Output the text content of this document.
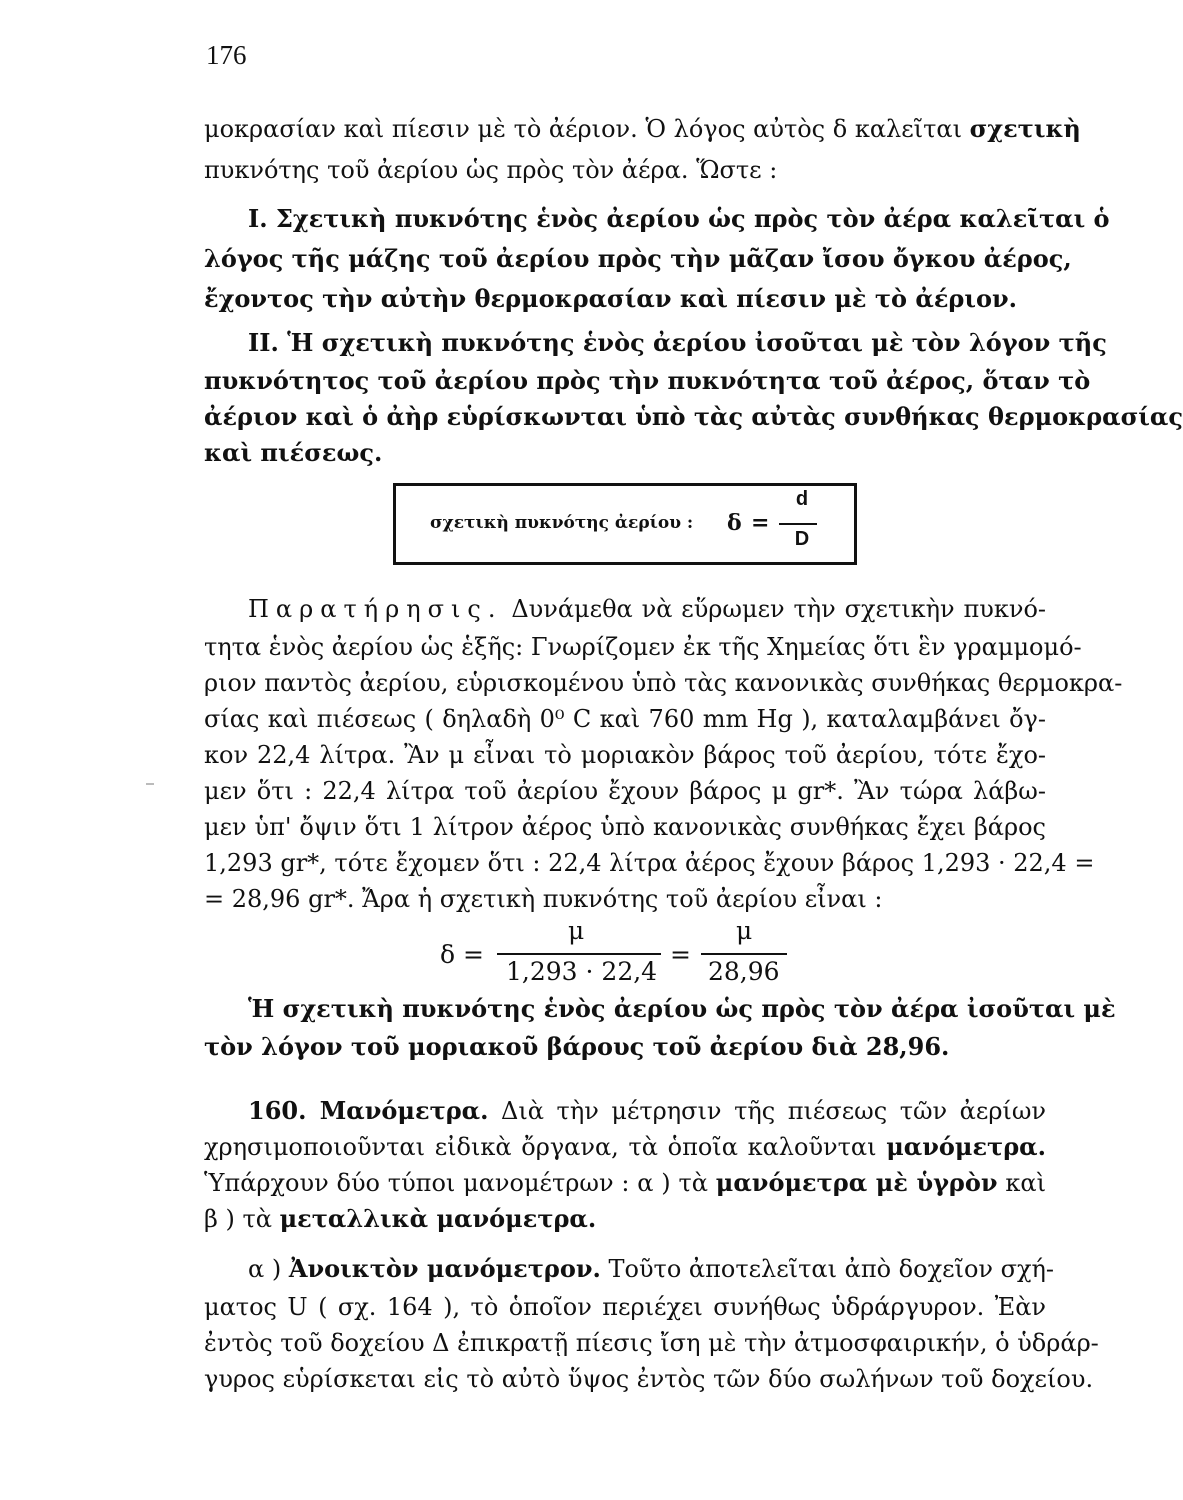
176
μοκρασίαν καὶ πίεσιν μὲ τὸ ἀέριον. Ὁ λόγος αὐτὸς δ καλεῖται σχετικὴ
πυκνότης τοῦ ἀερίου ὡς πρὸς τὸν ἀέρα. Ὥστε :
I. Σχετικὴ πυκνότης ἑνὸς ἀερίου ὡς πρὸς τὸν ἀέρα καλεῖται ὁ
λόγος τῆς μάζης τοῦ ἀερίου πρὸς τὴν μᾶζαν ἴσου ὄγκου ἀέρος,
ἔχοντος τὴν αὐτὴν θερμοκρασίαν καὶ πίεσιν μὲ τὸ ἀέριον.
II. Ἡ σχετικὴ πυκνότης ἑνὸς ἀερίου ἰσοῦται μὲ τὸν λόγον τῆς
πυκνότητος τοῦ ἀερίου πρὸς τὴν πυκνότητα τοῦ ἀέρος, ὅταν τὸ
ἀέριον καὶ ὁ ἀὴρ εὑρίσκωνται ὑπὸ τὰς αὐτὰς συνθήκας θερμοκρασίας
καὶ πιέσεως.
σχετικὴ πυκνότης ἀερίου : δ =
d
D
Παρατήρησις. Δυνάμεθα νὰ εὕρωμεν τὴν σχετικὴν πυκνό-
τητα ἑνὸς ἀερίου ὡς ἑξῆς: Γνωρίζομεν ἐκ τῆς Χημείας ὅτι ἓν γραμμομό-
ριον παντὸς ἀερίου, εὑρισκομένου ὑπὸ τὰς κανονικὰς συνθήκας θερμοκρα-
σίας καὶ πιέσεως ( δηλαδὴ 0⁰ C καὶ 760 mm Hg ), καταλαμβάνει ὄγ-
κον 22,4 λίτρα. Ἂν μ εἶναι τὸ μοριακὸν βάρος τοῦ ἀερίου, τότε ἔχο-
μεν ὅτι : 22,4 λίτρα τοῦ ἀερίου ἔχουν βάρος μ gr*. Ἂν τώρα λάβω-
μεν ὑπ' ὄψιν ὅτι 1 λίτρον ἀέρος ὑπὸ κανονικὰς συνθήκας ἔχει βάρος
1,293 gr*, τότε ἔχομεν ὅτι : 22,4 λίτρα ἀέρος ἔχουν βάρος 1,293 · 22,4 =
= 28,96 gr*. Ἄρα ἡ σχετικὴ πυκνότης τοῦ ἀερίου εἶναι :
δ =
μ
1,293 · 22,4
=
μ
28,96
Ἡ σχετικὴ πυκνότης ἑνὸς ἀερίου ὡς πρὸς τὸν ἀέρα ἰσοῦται μὲ
τὸν λόγον τοῦ μοριακοῦ βάρους τοῦ ἀερίου διὰ 28,96.
160. Μανόμετρα. Διὰ τὴν μέτρησιν τῆς πιέσεως τῶν ἀερίων
χρησιμοποιοῦνται εἰδικὰ ὄργανα, τὰ ὁποῖα καλοῦνται μανόμετρα.
Ὑπάρχουν δύο τύποι μανομέτρων : α ) τὰ μανόμετρα μὲ ὑγρὸν καὶ
β ) τὰ μεταλλικὰ μανόμετρα.
α ) Ἀνοικτὸν μανόμετρον. Τοῦτο ἀποτελεῖται ἀπὸ δοχεῖον σχή-
ματος U ( σχ. 164 ), τὸ ὁποῖον περιέχει συνήθως ὑδράργυρον. Ἐὰν
ἐντὸς τοῦ δοχείου Δ ἐπικρατῇ πίεσις ἴση μὲ τὴν ἀτμοσφαιρικήν, ὁ ὑδράρ-
γυρος εὑρίσκεται εἰς τὸ αὐτὸ ὕψος ἐντὸς τῶν δύο σωλήνων τοῦ δοχείου.
